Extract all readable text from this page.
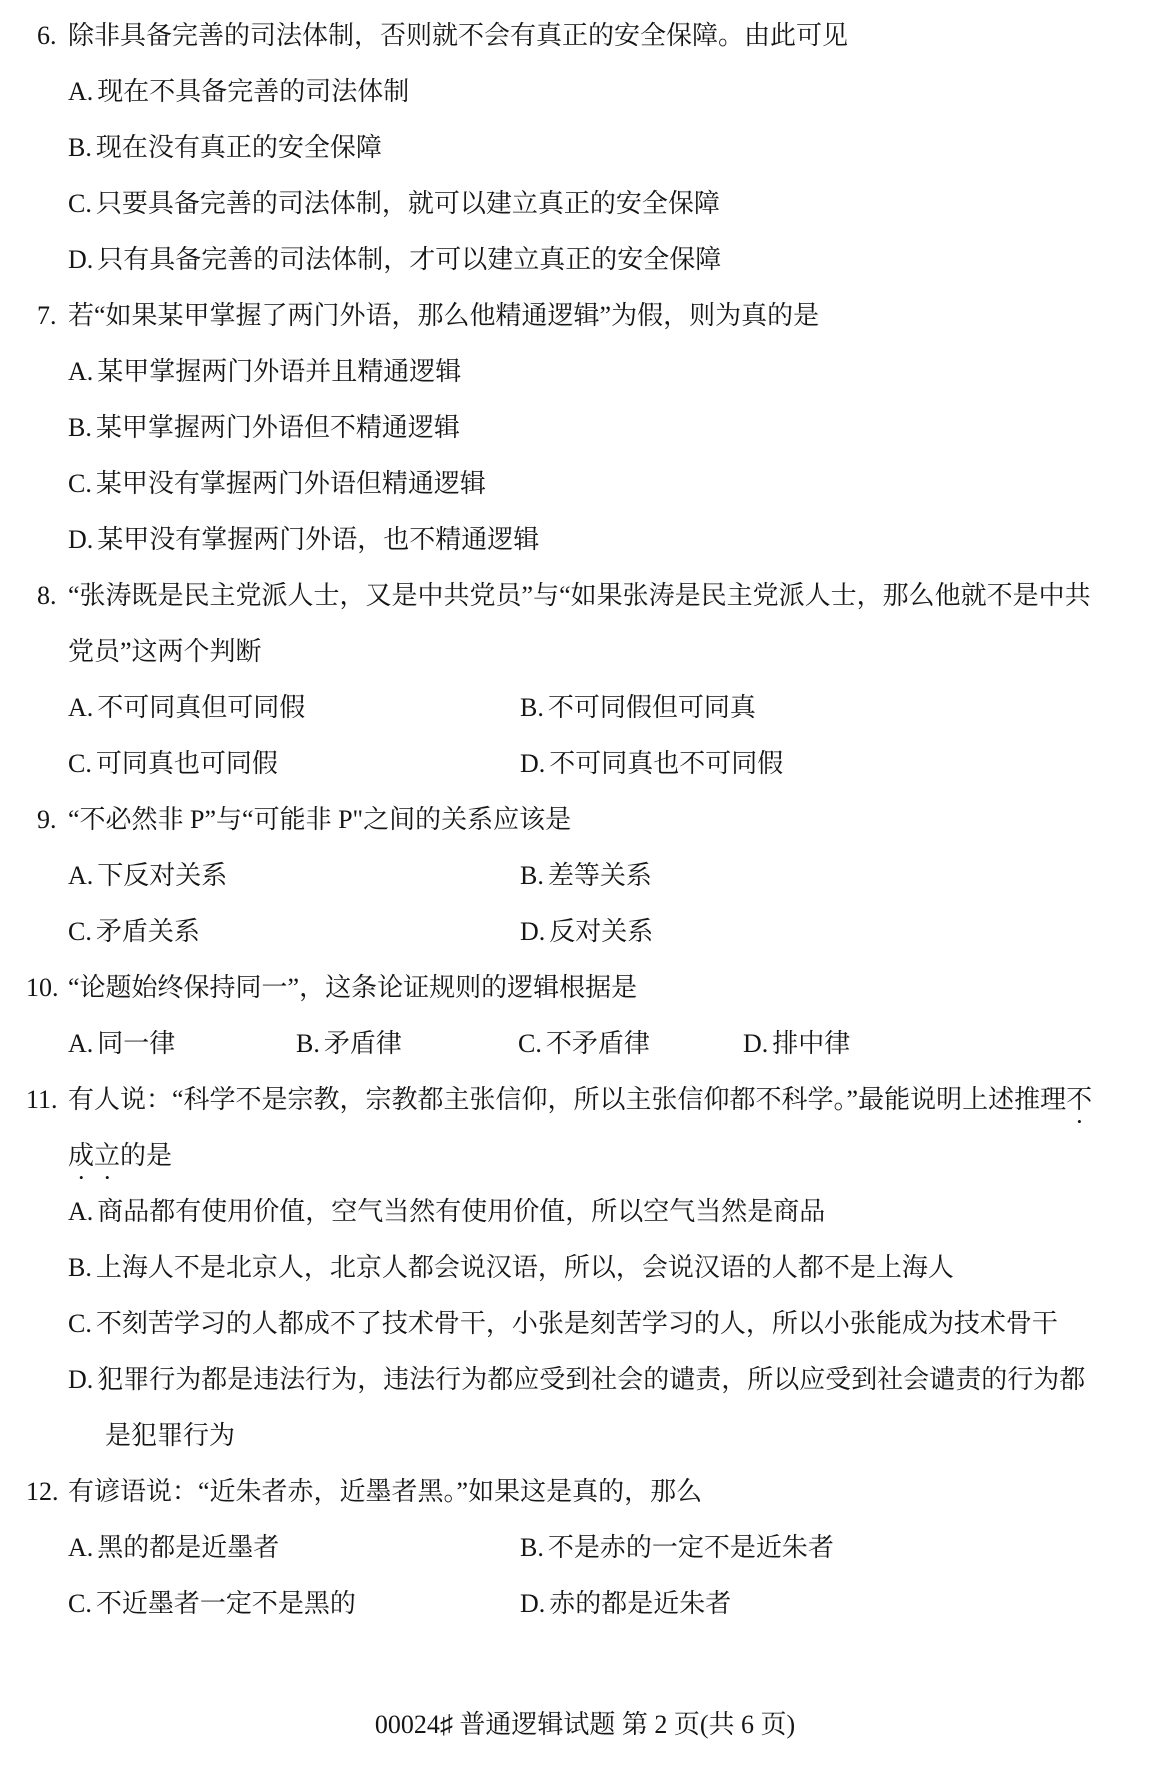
6. 除非具备完善的司法体制，否则就不会有真正的安全保障。由此可见
A. 现在不具备完善的司法体制
B. 现在没有真正的安全保障
C. 只要具备完善的司法体制，就可以建立真正的安全保障
D. 只有具备完善的司法体制，才可以建立真正的安全保障
7. 若“如果某甲掌握了两门外语，那么他精通逻辑”为假，则为真的是
A. 某甲掌握两门外语并且精通逻辑
B. 某甲掌握两门外语但不精通逻辑
C. 某甲没有掌握两门外语但精通逻辑
D. 某甲没有掌握两门外语，也不精通逻辑
8. “张涛既是民主党派人士，又是中共党员”与“如果张涛是民主党派人士，那么他就不是中共
党员”这两个判断
A. 不可同真但可同假	B. 不可同假但可同真
C. 可同真也可同假	D. 不可同真也不可同假
9. “不必然非 P”与“可能非 P"之间的关系应该是
A. 下反对关系	B. 差等关系
C. 矛盾关系	D. 反对关系
10. “论题始终保持同一”，这条论证规则的逻辑根据是
A. 同一律	B. 矛盾律	C. 不矛盾律	D. 排中律
11. 有人说：“科学不是宗教，宗教都主张信仰，所以主张信仰都不科学。”最能说明上述推理不
成立的是
A. 商品都有使用价值，空气当然有使用价值，所以空气当然是商品
B. 上海人不是北京人，北京人都会说汉语，所以，会说汉语的人都不是上海人
C. 不刻苦学习的人都成不了技术骨干，小张是刻苦学习的人，所以小张能成为技术骨干
D. 犯罪行为都是违法行为，违法行为都应受到社会的谴责，所以应受到社会谴责的行为都
是犯罪行为
12. 有谚语说：“近朱者赤，近墨者黑。”如果这是真的，那么
A. 黑的都是近墨者	B. 不是赤的一定不是近朱者
C. 不近墨者一定不是黑的	D. 赤的都是近朱者
00024♯ 普通逻辑试题 第 2 页(共 6 页)
